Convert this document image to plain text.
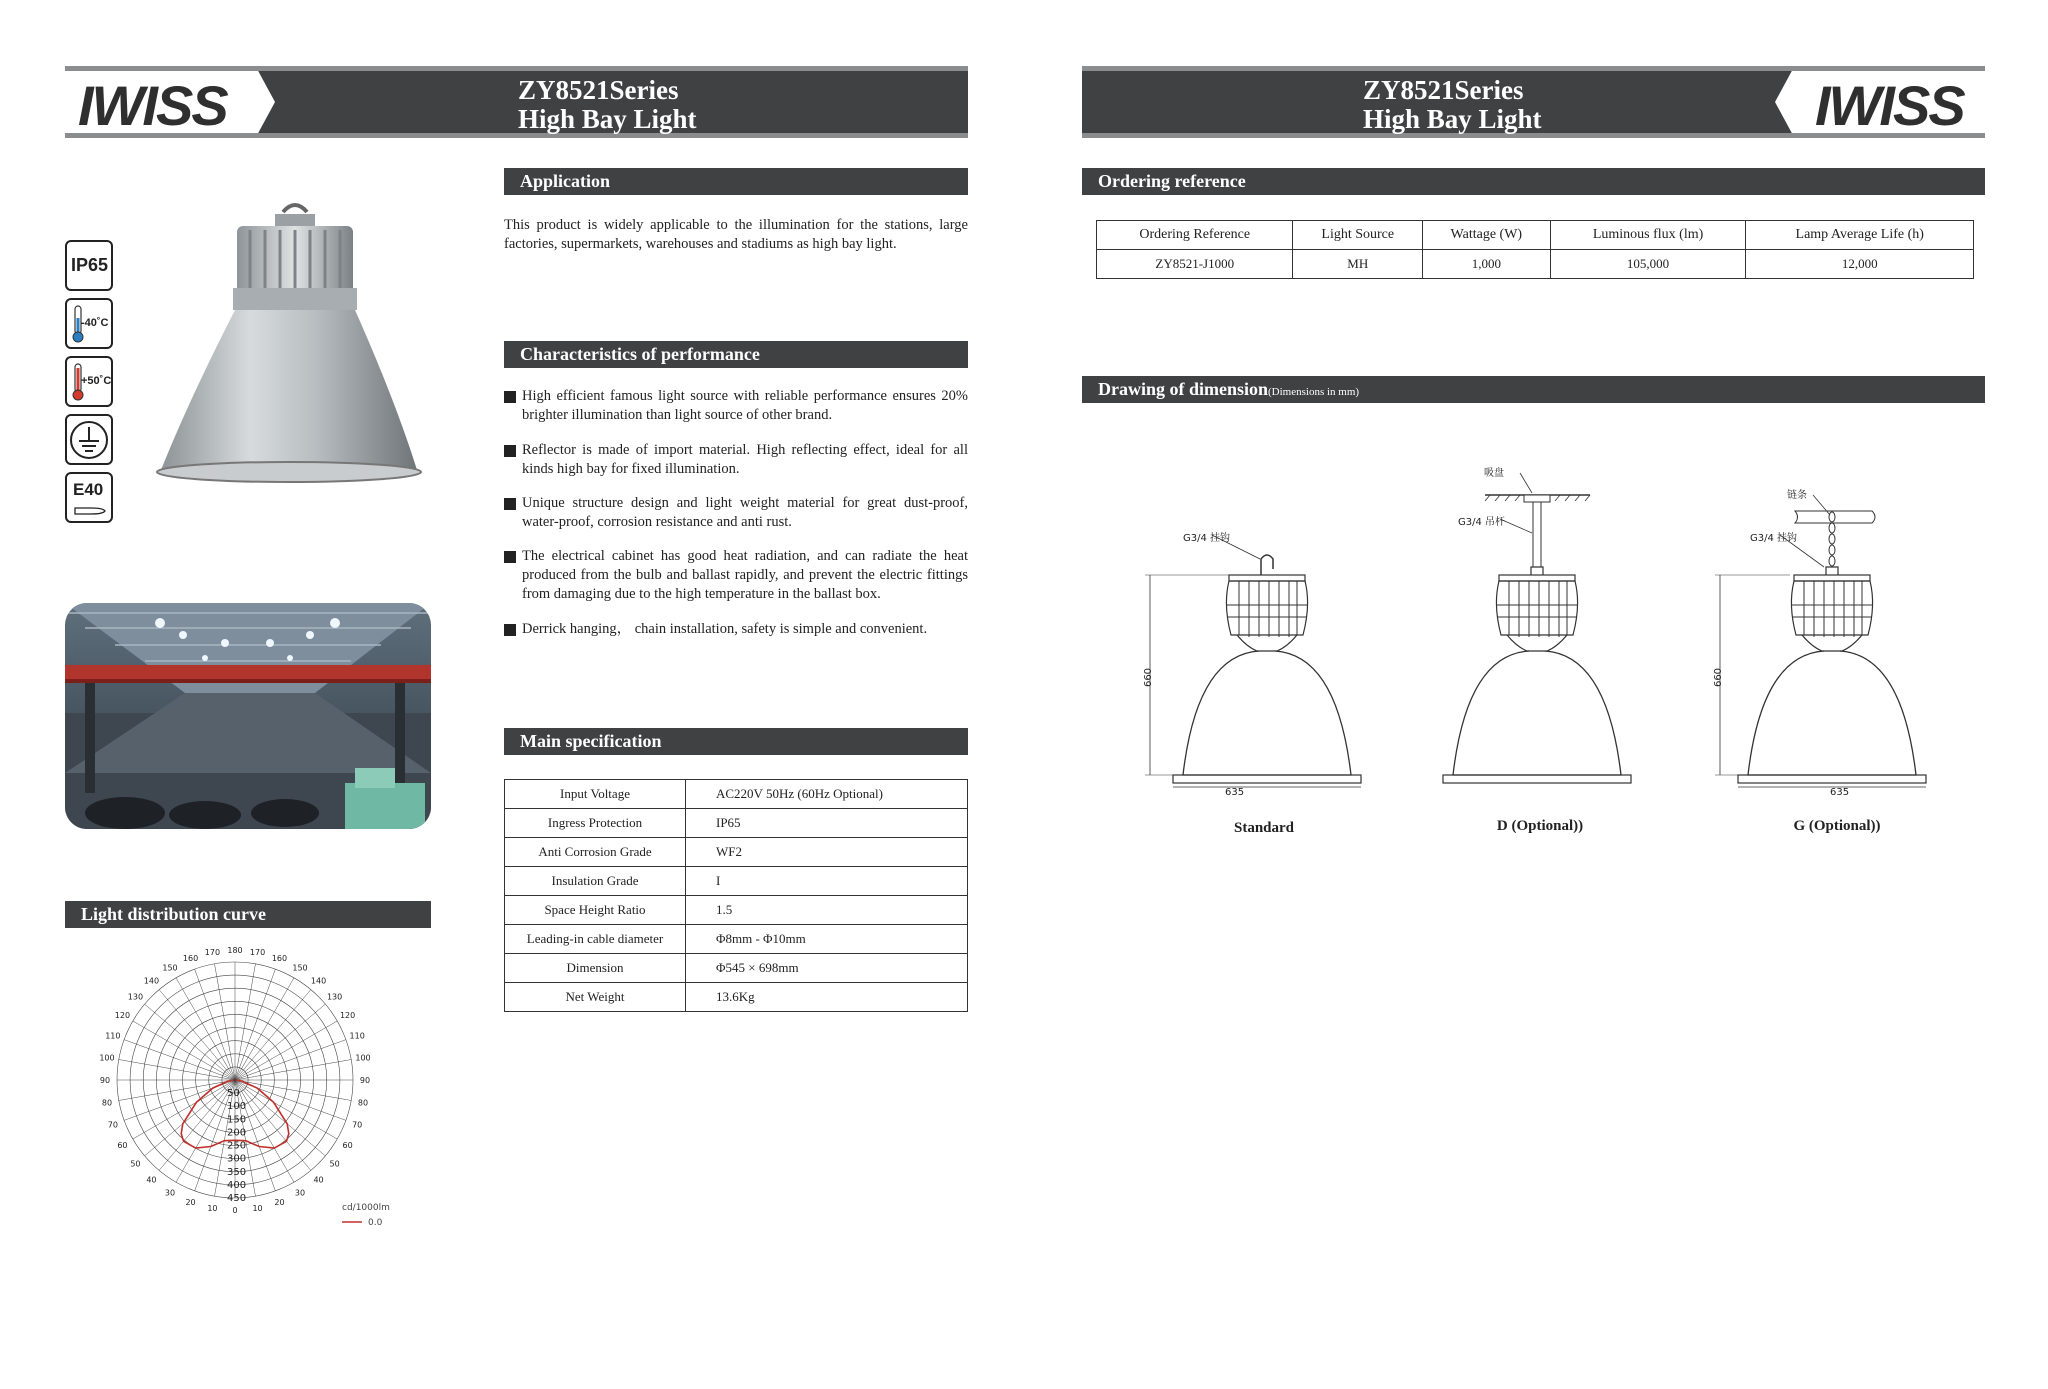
IWISS	ZY8521Series
High Bay Light
IP65
-40˚C
+50˚C
E40
Application
This product is widely applicable to the illumination for the stations, large factories, supermarkets, warehouses and stadiums as high bay light.
Characteristics of performance
High efficient famous light source with reliable performance ensures 20% brighter illumination than light source of other brand.
Reflector is made of import material. High reflecting effect, ideal for all kinds high bay for fixed illumination.
Unique structure design and light weight material for great dust-proof, water-proof, corrosion resistance and anti rust.
The electrical cabinet has good heat radiation, and can radiate the heat produced from the bulb and ballast rapidly, and prevent the electric fittings from damaging due to the high temperature in the ballast box.
Derrick hanging， chain installation, safety is simple and convenient.
Main specification
Input Voltage	AC220V 50Hz (60Hz Optional)
Ingress Protection	IP65
Anti Corrosion Grade	WF2
Insulation Grade	I
Space Height Ratio	1.5
Leading-in cable diameter	Φ8mm - Φ10mm
Dimension	Φ545 × 698mm
Net Weight	13.6Kg
Light distribution curve
50
100
150
200
250
300
350
400
450
0 10
20
30
40
50
60
70
80
90
100
110
120
130
140
150
160
170
180
10
20
30
40
50
60
70
80
90
100
110
120
130
140
150
160
170
0.0
cd/1000lm
IWISS
ZY8521Series
High Bay Light
Ordering reference
Ordering Reference	Light Source	Wattage (W)	Luminous flux (lm)	Lamp Average Life (h)
ZY8521-J1000	MH	1,000	105,000	12,000
Drawing of dimension(Dimensions in mm)
G3/4 挂钩
660
635
吸盘
G3/4 吊杆
链条
G3/4 挂钩
660
635
Standard	D (Optional))	G (Optional))
